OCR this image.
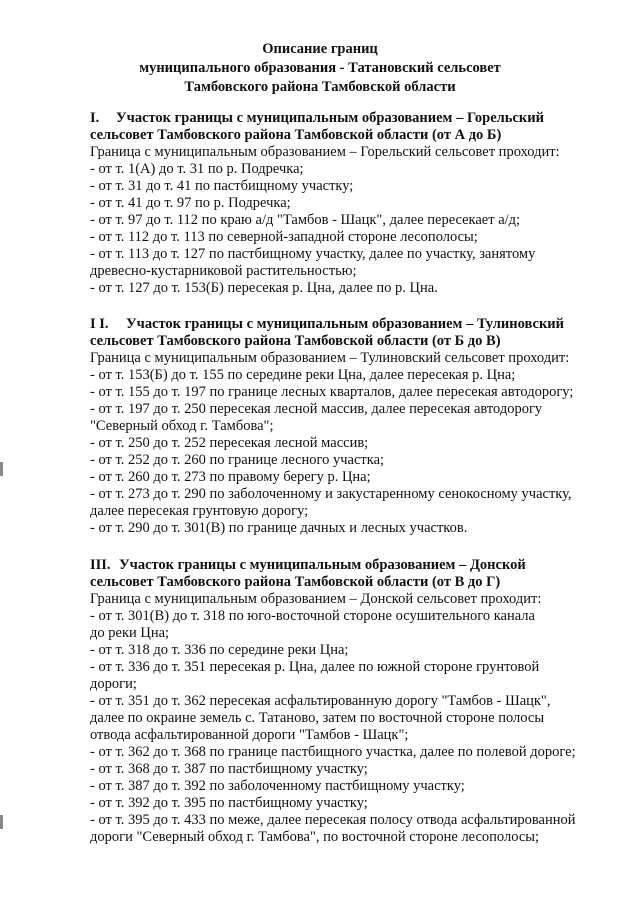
Описание границ
муниципального образования - Татановский сельсовет
Тамбовского района Тамбовской области
I. Участок границы с муниципальным образованием – Горельский
сельсовет Тамбовского района Тамбовской области (от А до Б)
Граница с муниципальным образованием – Горельский сельсовет проходит:
- от т. 1(А) до т. 31 по р. Подречка;
- от т. 31 до т. 41 по пастбищному участку;
- от т. 41 до т. 97 по р. Подречка;
- от т. 97 до т. 112 по краю а/д "Тамбов - Шацк", далее пересекает а/д;
- от т. 112 до т. 113 по северной-западной стороне лесополосы;
- от т. 113 до т. 127 по пастбищному участку, далее по участку, занятому
древесно-кустарниковой растительностью;
- от т. 127 до т. 153(Б) пересекая р. Цна, далее по р. Цна.
I I. Участок границы с муниципальным образованием – Тулиновский
сельсовет Тамбовского района Тамбовской области (от Б до В)
Граница с муниципальным образованием – Тулиновский сельсовет проходит:
- от т. 153(Б) до т. 155 по середине реки Цна, далее пересекая р. Цна;
- от т. 155 до т. 197 по границе лесных кварталов, далее пересекая автодорогу;
- от т. 197 до т. 250 пересекая лесной массив, далее пересекая автодорогу
"Северный обход г. Тамбова";
- от т. 250 до т. 252 пересекая лесной массив;
- от т. 252 до т. 260 по границе лесного участка;
- от т. 260 до т. 273 по правому берегу р. Цна;
- от т. 273 до т. 290 по заболоченному и закустаренному сенокосному участку,
далее пересекая грунтовую дорогу;
- от т. 290 до т. 301(В) по границе дачных и лесных участков.
III. Участок границы с муниципальным образованием – Донской
сельсовет Тамбовского района Тамбовской области (от В до Г)
Граница с муниципальным образованием – Донской сельсовет проходит:
- от т. 301(В) до т. 318 по юго-восточной стороне осушительного канала
до реки Цна;
- от т. 318 до т. 336 по середине реки Цна;
- от т. 336 до т. 351 пересекая р. Цна, далее по южной стороне грунтовой
дороги;
- от т. 351 до т. 362 пересекая асфальтированную дорогу "Тамбов - Шацк",
далее по окраине земель с. Татаново, затем по восточной стороне полосы
отвода асфальтированной дороги "Тамбов - Шацк";
- от т. 362 до т. 368 по границе пастбищного участка, далее по полевой дороге;
- от т. 368 до т. 387 по пастбищному участку;
- от т. 387 до т. 392 по заболоченному пастбищному участку;
- от т. 392 до т. 395 по пастбищному участку;
- от т. 395 до т. 433 по меже, далее пересекая полосу отвода асфальтированной
дороги "Северный обход г. Тамбова", по восточной стороне лесополосы;
